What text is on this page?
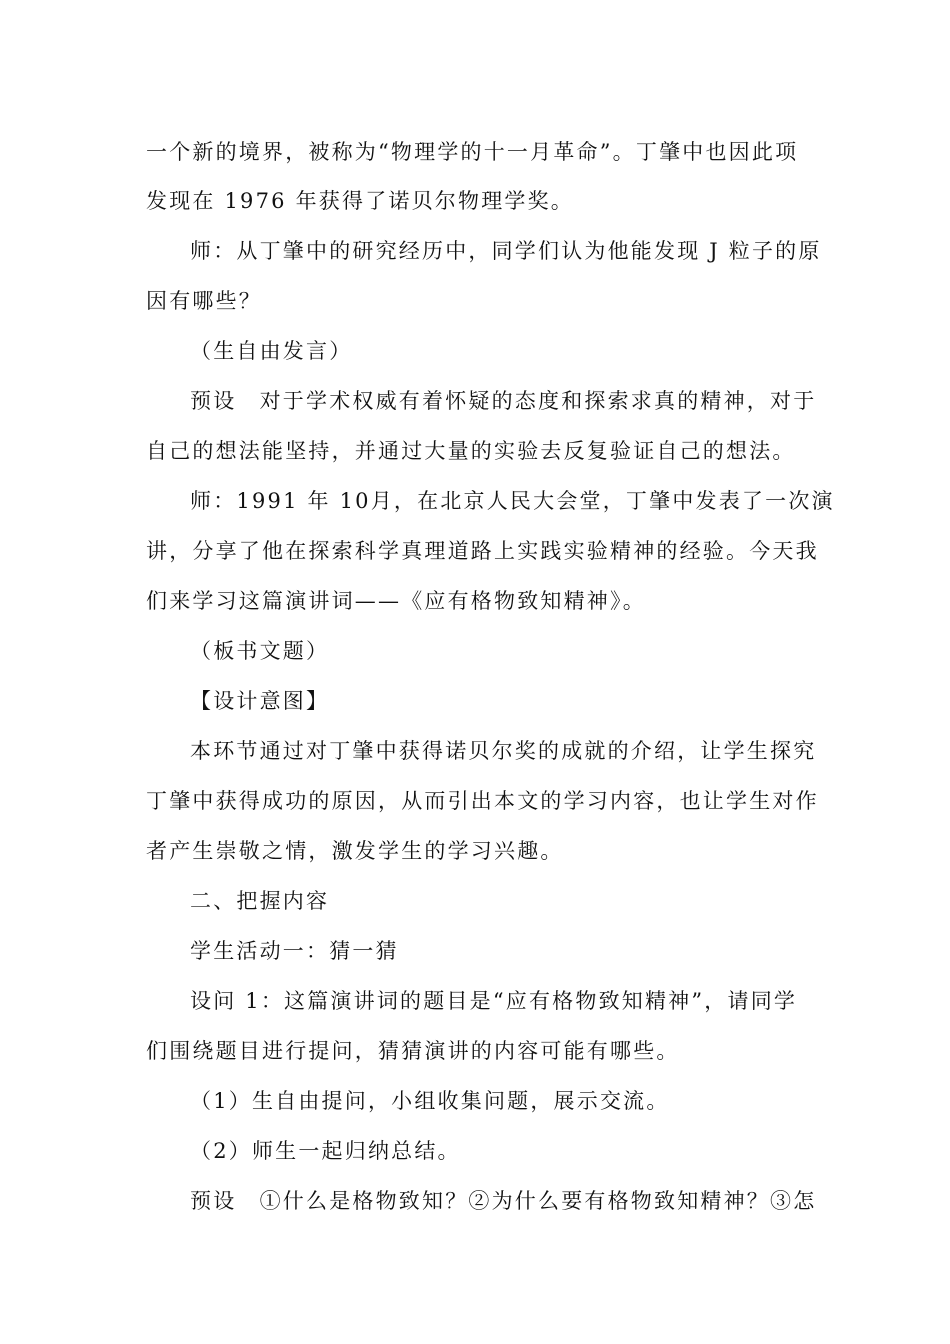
一个新的境界，被称为“物理学的十一月革命”。丁肇中也因此项
发现在 1976 年获得了诺贝尔物理学奖。
师：从丁肇中的研究经历中，同学们认为他能发现 J 粒子的原
因有哪些？
（生自由发言）
预设　对于学术权威有着怀疑的态度和探索求真的精神，对于
自己的想法能坚持，并通过大量的实验去反复验证自己的想法。
师：1991 年 10月，在北京人民大会堂，丁肇中发表了一次演
讲，分享了他在探索科学真理道路上实践实验精神的经验。今天我
们来学习这篇演讲词——《应有格物致知精神》。
（板书文题）
【设计意图】
本环节通过对丁肇中获得诺贝尔奖的成就的介绍，让学生探究
丁肇中获得成功的原因，从而引出本文的学习内容，也让学生对作
者产生崇敬之情，激发学生的学习兴趣。
二、把握内容
学生活动一：猜一猜
设问 1：这篇演讲词的题目是“应有格物致知精神”，请同学
们围绕题目进行提问，猜猜演讲的内容可能有哪些。
（1）生自由提问，小组收集问题，展示交流。
（2）师生一起归纳总结。
预设　①什么是格物致知？②为什么要有格物致知精神？③怎
